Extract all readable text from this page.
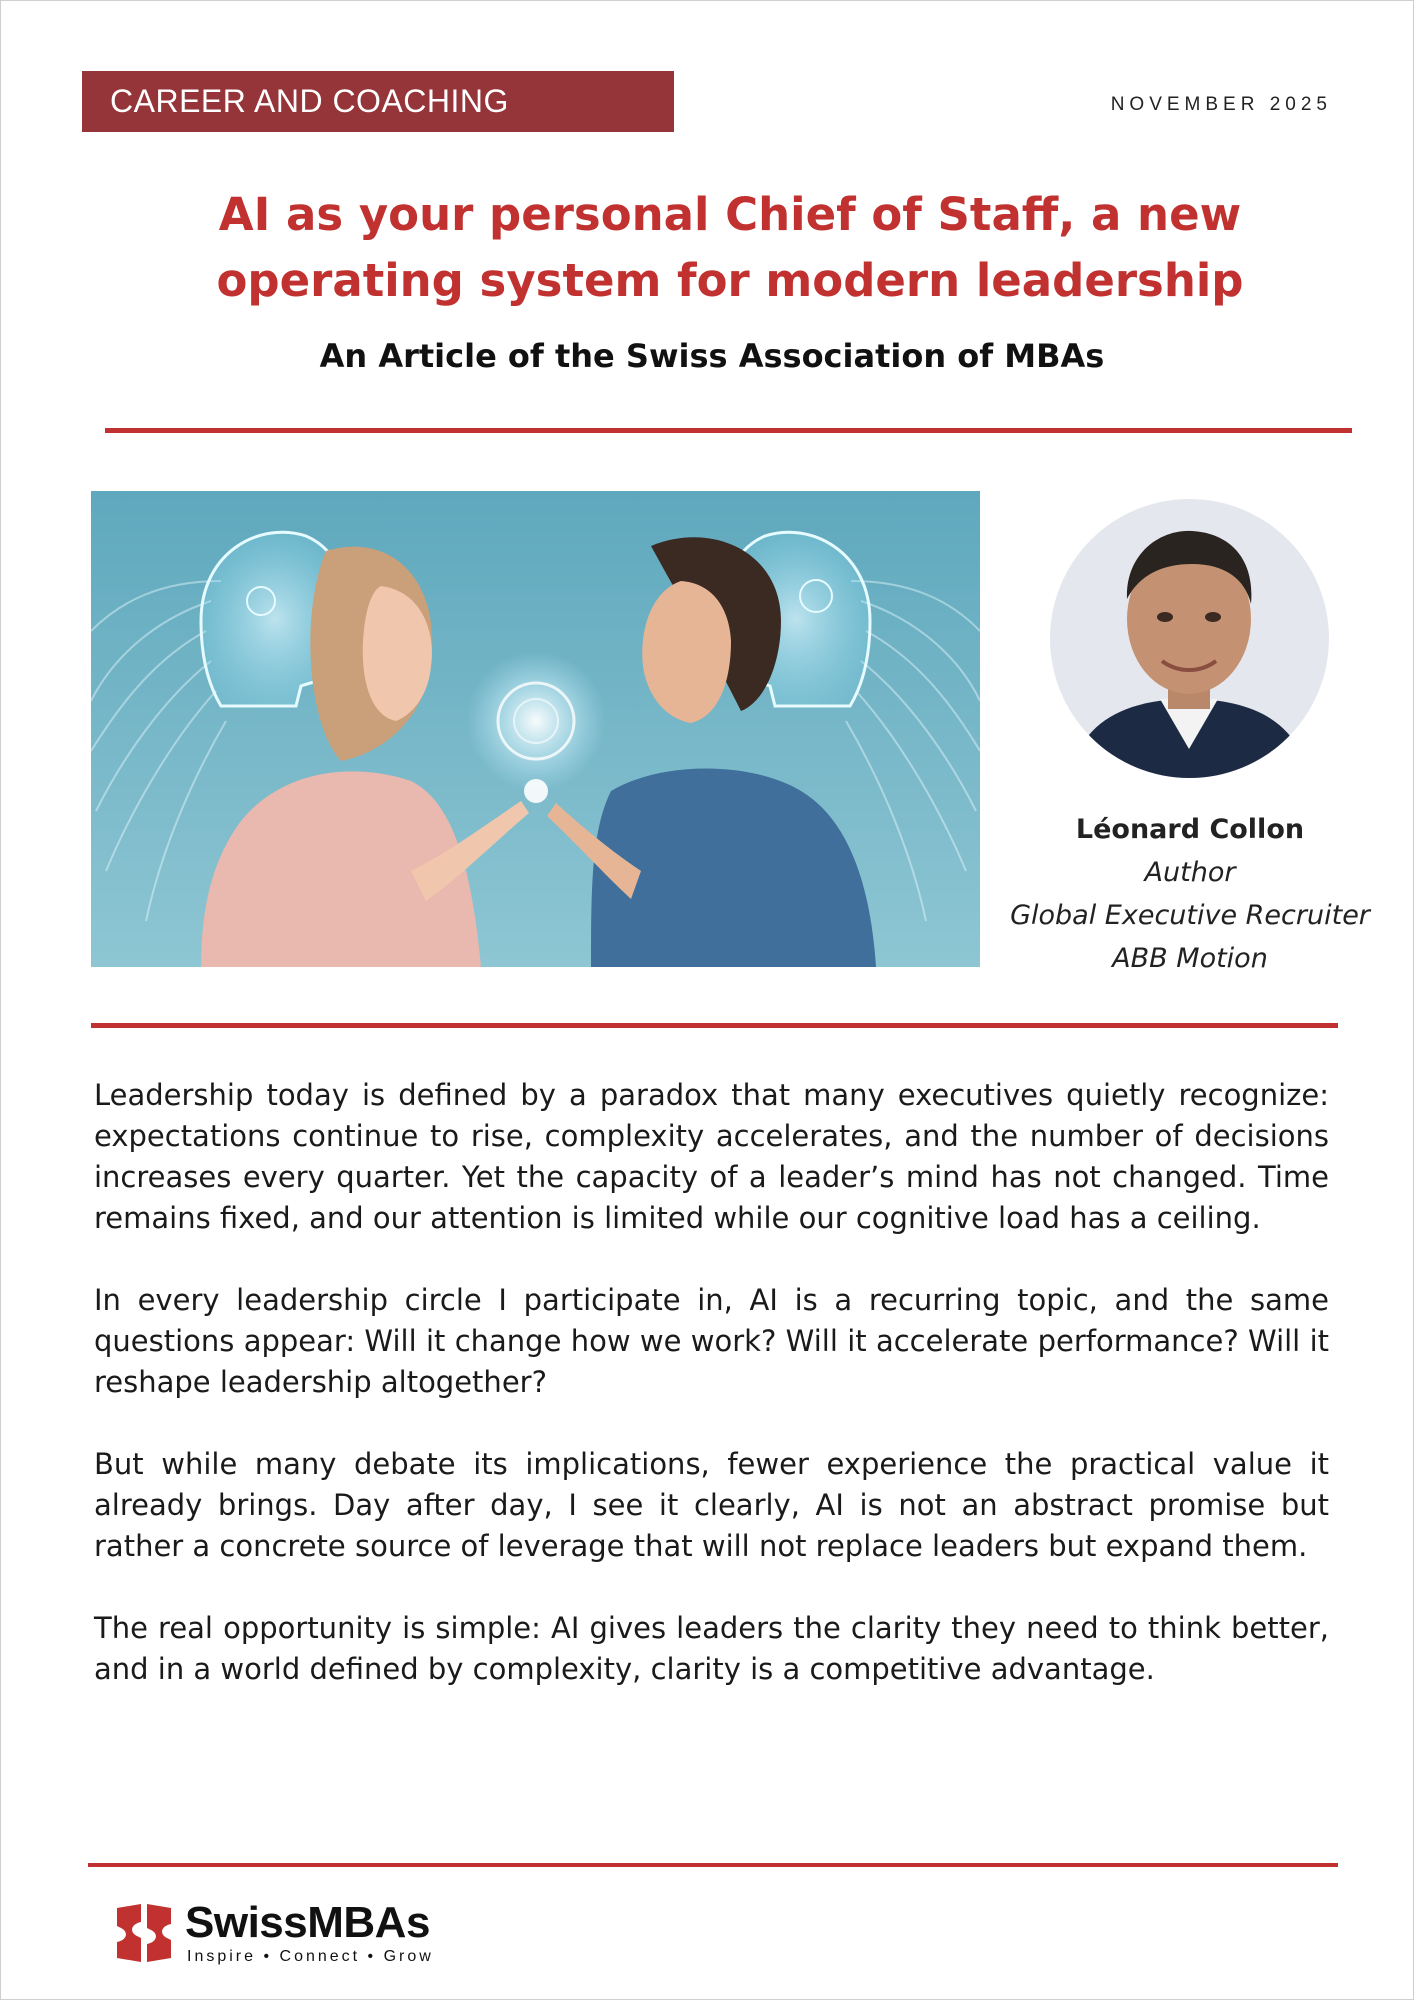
CAREER AND COACHING	NOVEMBER 2025
AI as your personal Chief of Staff, a new operating system for modern leadership
An Article of the Swiss Association of MBAs
Léonard Collon
Author
Global Executive Recruiter
ABB Motion

Leadership today is defined by a paradox that many executives quietly recognize: expectations continue to rise, complexity accelerates, and the number of decisions increases every quarter. Yet the capacity of a leader’s mind has not changed. Time remains fixed, and our attention is limited while our cognitive load has a ceiling.

In every leadership circle I participate in, AI is a recurring topic, and the same questions appear: Will it change how we work? Will it accelerate performance? Will it reshape leadership altogether?

But while many debate its implications, fewer experience the practical value it already brings. Day after day, I see it clearly, AI is not an abstract promise but rather a concrete source of leverage that will not replace leaders but expand them.

The real opportunity is simple: AI gives leaders the clarity they need to think better, and in a world defined by complexity, clarity is a competitive advantage.

SwissMBAs
Inspire • Connect • Grow
